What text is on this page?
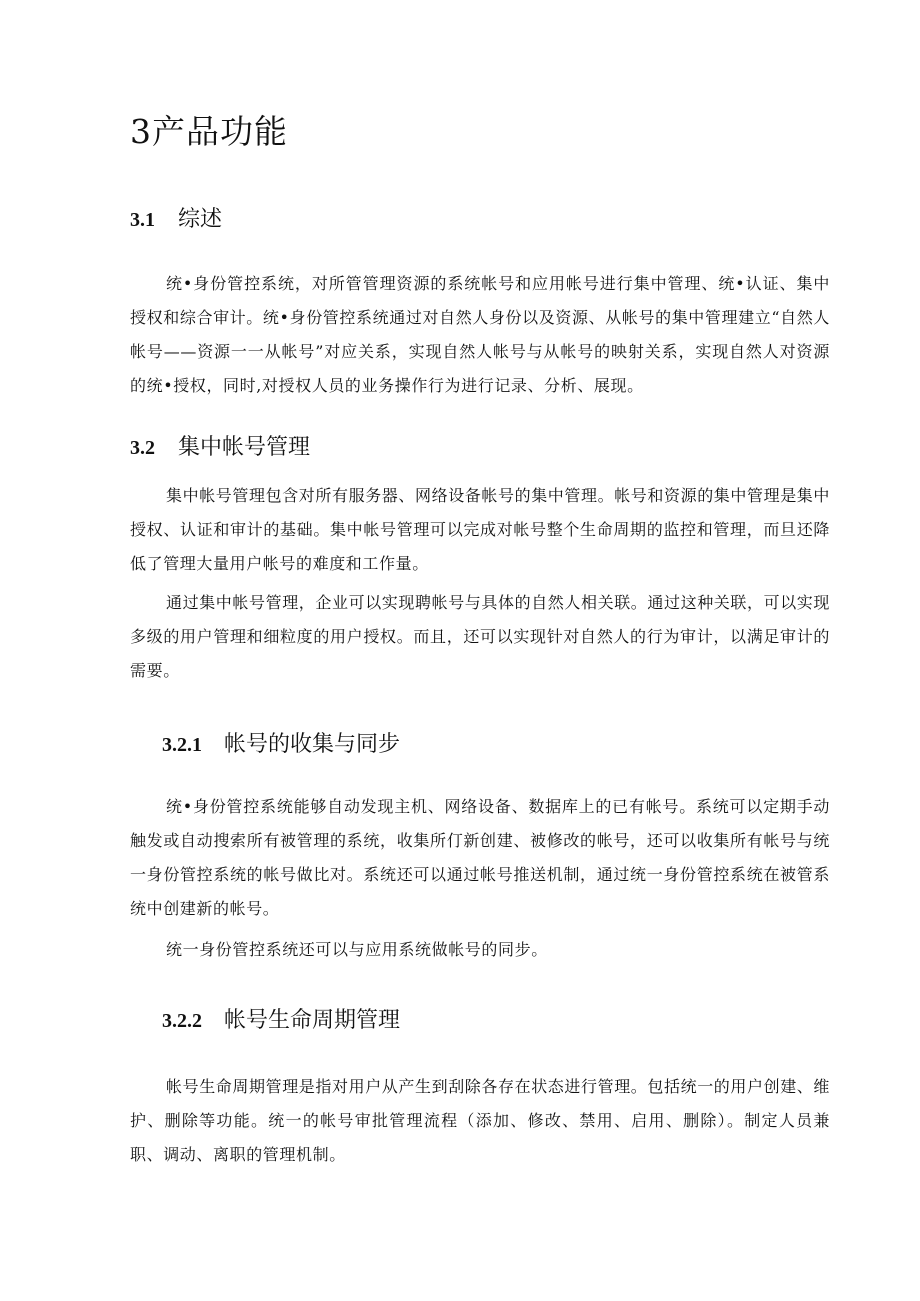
3产品功能
3.1 综述

统•身份管控系统，对所管管理资源的系统帐号和应用帐号进行集中管理、统•认证、集中授权和综合审计。统•身份管控系统通过对自然人身份以及资源、从帐号的集中管理建立“自然人帐号——资源一一从帐号”对应关系，实现自然人帐号与从帐号的映射关系，实现自然人对资源的统•授权，同时,对授权人员的业务操作行为进行记录、分析、展现。

3.2 集中帐号管理

集中帐号管理包含对所有服务器、网络设备帐号的集中管理。帐号和资源的集中管理是集中授权、认证和审计的基础。集中帐号管理可以完成对帐号整个生命周期的监控和管理，而旦还降低了管理大量用户帐号的难度和工作量。

通过集中帐号管理，企业可以实现聘帐号与具体的自然人相关联。通过这种关联，可以实现多级的用户管理和细粒度的用户授权。而且，还可以实现针对自然人的行为审计，以满足审计的需要。

3.2.1 帐号的收集与同步

统•身份管控系统能够自动发现主机、网络设备、数据库上的已有帐号。系统可以定期手动触发或自动搜索所有被管理的系统，收集所仃新创建、被修改的帐号，还可以收集所有帐号与统一身份管控系统的帐号做比对。系统还可以通过帐号推送机制，通过统一身份管控系统在被管系统中创建新的帐号。

统一身份管控系统还可以与应用系统做帐号的同步。

3.2.2 帐号生命周期管理

帐号生命周期管理是指对用户从产生到刮除各存在状态进行管理。包括统一的用户创建、维护、删除等功能。统一的帐号审批管理流程（添加、修改、禁用、启用、删除）。制定人员兼职、调动、离职的管理机制。
